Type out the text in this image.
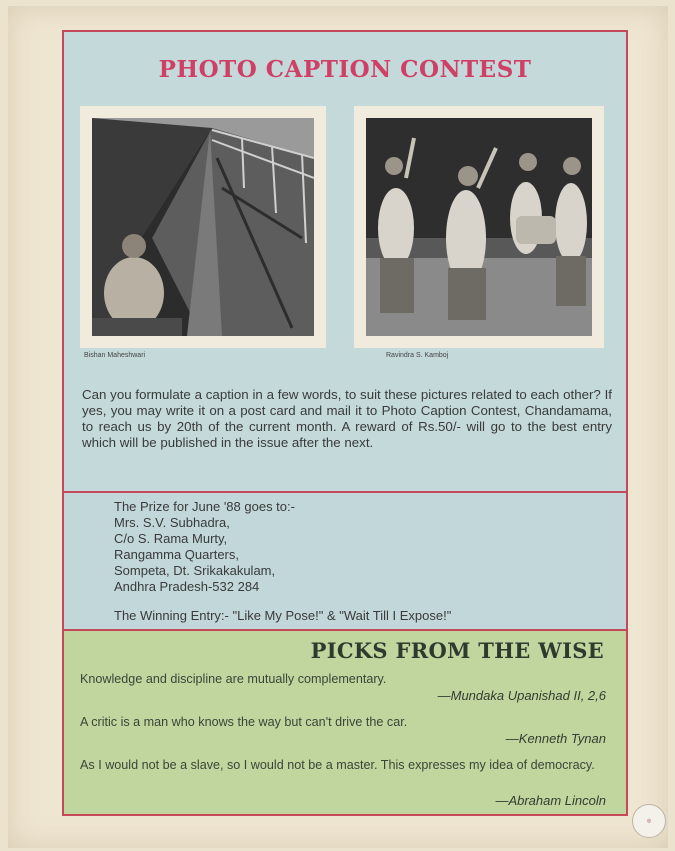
PHOTO CAPTION CONTEST
Bishan Maheshwari	Ravindra S. Kamboj
Can you formulate a caption in a few words, to suit these pictures related to each other? If yes, you may write it on a post card and mail it to Photo Caption Contest, Chandamama, to reach us by 20th of the current month. A reward of Rs.50/- will go to the best entry which will be published in the issue after the next.
The Prize for June '88 goes to:-
Mrs. S.V. Subhadra,
C/o S. Rama Murty,
Rangamma Quarters,
Sompeta, Dt. Srikakakulam,
Andhra Pradesh-532 284
The Winning Entry:- "Like My Pose!" & "Wait Till I Expose!"
PICKS FROM THE WISE
Knowledge and discipline are mutually complementary.
—Mundaka Upanishad II, 2,6
A critic is a man who knows the way but can't drive the car.
—Kenneth Tynan
As I would not be a slave, so I would not be a master. This expresses my idea of democracy.
—Abraham Lincoln
◎
